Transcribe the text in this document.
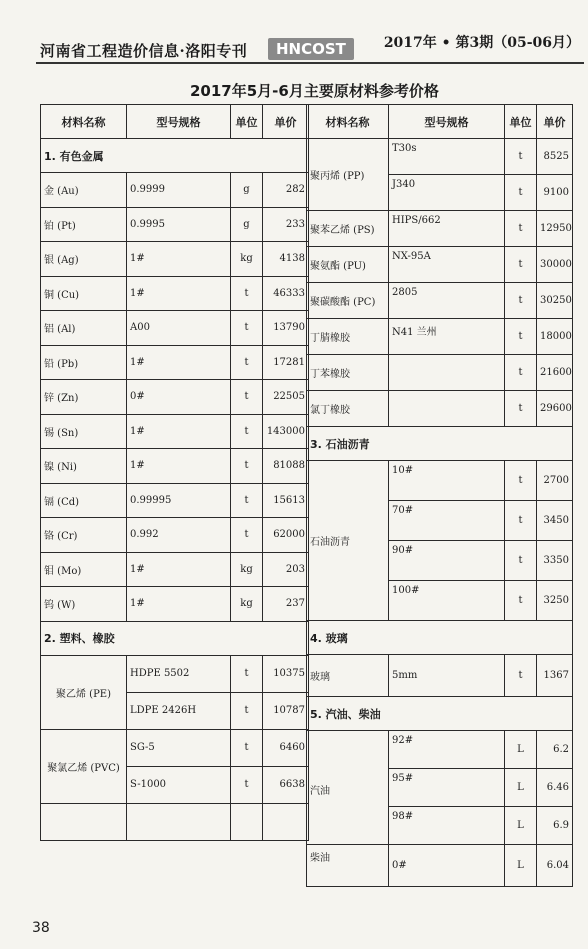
河南省工程造价信息·洛阳专刊	HNCOST	2017年 • 第3期（05-06月）
2017年5月-6月主要原材料参考价格
材料名称	型号规格	单位	单价
1. 有色金属			
金 (Au)	0.9999	g	282
铂 (Pt)	0.9995	g	233
银 (Ag)	1#	kg	4138
铜 (Cu)	1#	t	46333
铝 (Al)	A00	t	13790
铅 (Pb)	1#	t	17281
锌 (Zn)	0#	t	22505
锡 (Sn)	1#	t	143000
镍 (Ni)	1#	t	81088
镉 (Cd)	0.99995	t	15613
铬 (Cr)	0.992	t	62000
钼 (Mo)	1#	kg	203
钨 (W)	1#	kg	237
2. 塑料、橡胶			
聚乙烯 (PE)	HDPE 5502	t	10375
	LDPE 2426H	t	10787
聚氯乙烯 (PVC)	SG-5	t	6460
	S-1000	t	6638

材料名称	型号规格	单位	单价
聚丙烯 (PP)	T30s	t	8525
	J340	t	9100
聚苯乙烯 (PS)	HIPS/662	t	12950
聚氨酯 (PU)	NX-95A	t	30000
聚碳酸酯 (PC)	2805	t	30250
丁腈橡胶	N41 兰州	t	18000
丁苯橡胶		t	21600
氯丁橡胶		t	29600
3. 石油沥青			
石油沥青	10#	t	2700
	70#	t	3450
	90#	t	3350
	100#	t	3250
4. 玻璃			
玻璃	5mm	t	1367
5. 汽油、柴油			
汽油	92#	L	6.2
	95#	L	6.46
	98#	L	6.9
柴油	0#	L	6.04
38
